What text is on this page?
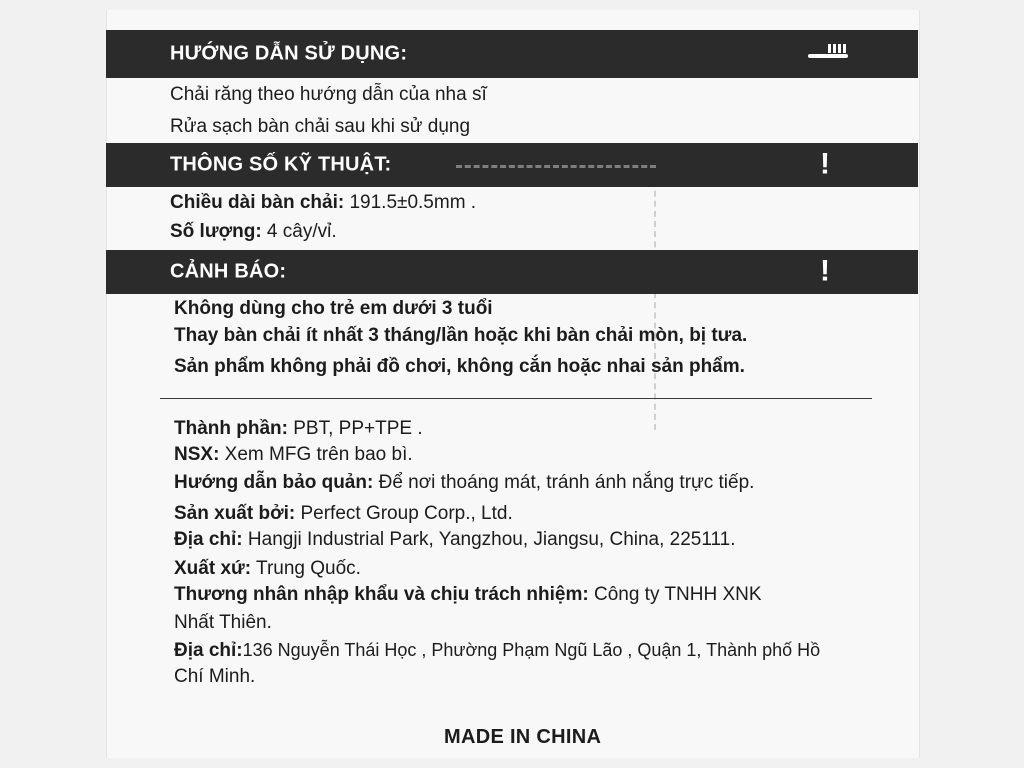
HƯỚNG DẪN SỬ DỤNG:
Chải răng theo hướng dẫn của nha sĩ
Rửa sạch bàn chải sau khi sử dụng
THÔNG SỐ KỸ THUẬT:	!
Chiều dài bàn chải: 191.5±0.5mm .
Số lượng: 4 cây/vỉ.
CẢNH BÁO:	!
Không dùng cho trẻ em dưới 3 tuổi
Thay bàn chải ít nhất 3 tháng/lần hoặc khi bàn chải mòn, bị tưa.
Sản phẩm không phải đồ chơi, không cắn hoặc nhai sản phẩm.
Thành phần: PBT, PP+TPE .
NSX: Xem MFG trên bao bì.
Hướng dẫn bảo quản: Để nơi thoáng mát, tránh ánh nắng trực tiếp.
Sản xuất bởi: Perfect Group Corp., Ltd.
Địa chỉ: Hangji Industrial Park, Yangzhou, Jiangsu, China, 225111.
Xuất xứ: Trung Quốc.
Thương nhân nhập khẩu và chịu trách nhiệm: Công ty TNHH XNK
Nhất Thiên.
Địa chỉ:136 Nguyễn Thái Học , Phường Phạm Ngũ Lão , Quận 1, Thành phố Hồ
Chí Minh.
MADE IN CHINA
